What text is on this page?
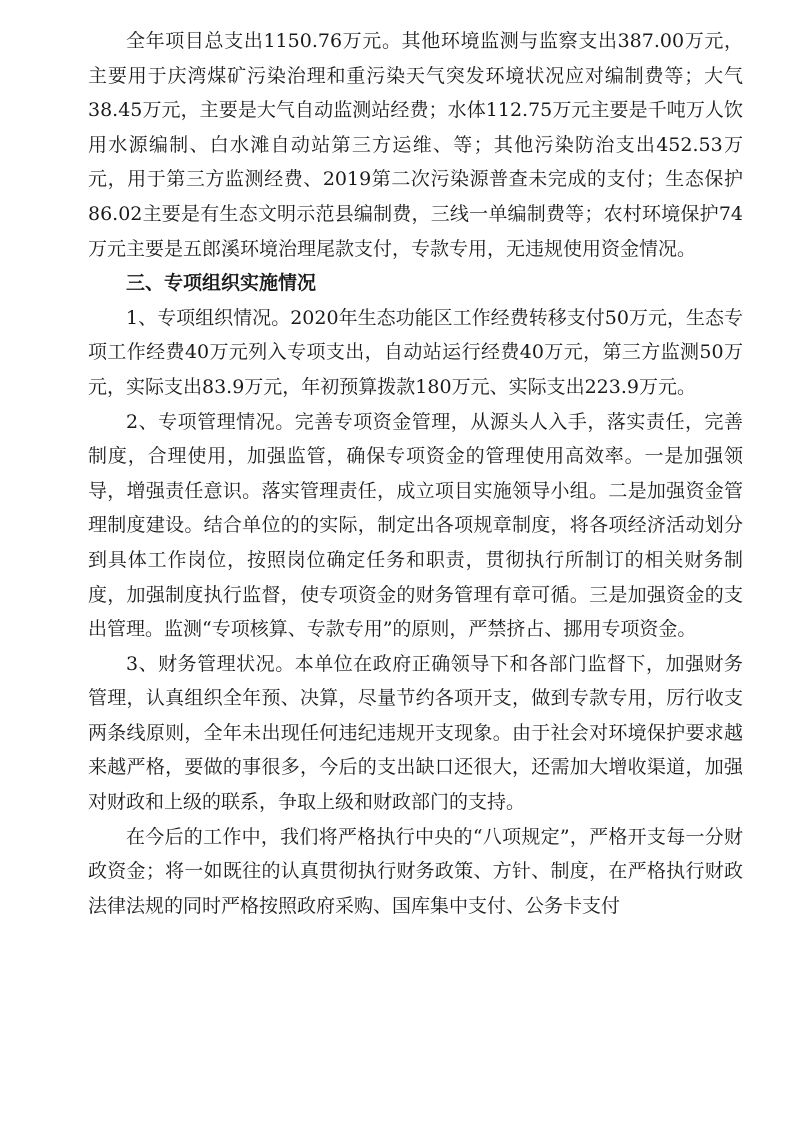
全年项目总支出1150.76万元。其他环境监测与监察支出387.00万元，主要用于庆湾煤矿污染治理和重污染天气突发环境状况应对编制费等；大气38.45万元，主要是大气自动监测站经费；水体112.75万元主要是千吨万人饮用水源编制、白水滩自动站第三方运维、等；其他污染防治支出452.53万元，用于第三方监测经费、2019第二次污染源普查未完成的支付；生态保护86.02主要是有生态文明示范县编制费，三线一单编制费等；农村环境保护74万元主要是五郎溪环境治理尾款支付，专款专用，无违规使用资金情况。

三、专项组织实施情况

1、专项组织情况。2020年生态功能区工作经费转移支付50万元，生态专项工作经费40万元列入专项支出，自动站运行经费40万元，第三方监测50万元，实际支出83.9万元，年初预算拨款180万元、实际支出223.9万元。

2、专项管理情况。完善专项资金管理，从源头人入手，落实责任，完善制度，合理使用，加强监管，确保专项资金的管理使用高效率。一是加强领导，增强责任意识。落实管理责任，成立项目实施领导小组。二是加强资金管理制度建设。结合单位的的实际，制定出各项规章制度，将各项经济活动划分到具体工作岗位，按照岗位确定任务和职责，贯彻执行所制订的相关财务制度，加强制度执行监督，使专项资金的财务管理有章可循。三是加强资金的支出管理。监测“专项核算、专款专用”的原则，严禁挤占、挪用专项资金。

3、财务管理状况。本单位在政府正确领导下和各部门监督下，加强财务管理，认真组织全年预、决算，尽量节约各项开支，做到专款专用，厉行收支两条线原则，全年未出现任何违纪违规开支现象。由于社会对环境保护要求越来越严格，要做的事很多，今后的支出缺口还很大，还需加大增收渠道，加强对财政和上级的联系，争取上级和财政部门的支持。

在今后的工作中，我们将严格执行中央的“八项规定”，严格开支每一分财政资金；将一如既往的认真贯彻执行财务政策、方针、制度，在严格执行财政法律法规的同时严格按照政府采购、国库集中支付、公务卡支付
